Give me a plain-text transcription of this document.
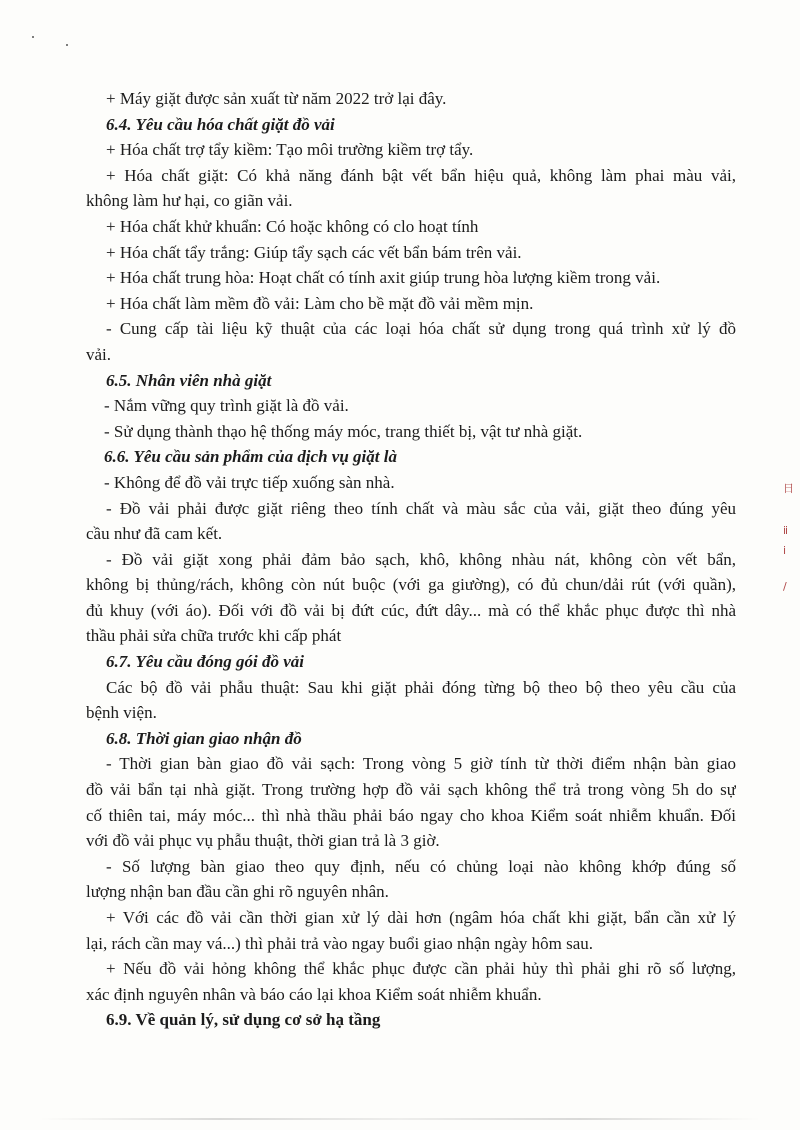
+ Máy giặt được sản xuất từ năm 2022 trở lại đây.
6.4. Yêu cầu hóa chất giặt đồ vải
+ Hóa chất trợ tẩy kiềm: Tạo môi trường kiềm trợ tẩy.
+ Hóa chất giặt: Có khả năng đánh bật vết bẩn hiệu quả, không làm phai màu vải,
không làm hư hại, co giãn vải.
+ Hóa chất khử khuẩn: Có hoặc không có clo hoạt tính
+ Hóa chất tẩy trắng: Giúp tẩy sạch các vết bẩn bám trên vải.
+ Hóa chất trung hòa: Hoạt chất có tính axit giúp trung hòa lượng kiềm trong vải.
+ Hóa chất làm mềm đồ vải: Làm cho bề mặt đồ vải mềm mịn.
- Cung cấp tài liệu kỹ thuật của các loại hóa chất sử dụng trong quá trình xử lý đồ
vải.
6.5. Nhân viên nhà giặt
- Nắm vững quy trình giặt là đồ vải.
- Sử dụng thành thạo hệ thống máy móc, trang thiết bị, vật tư nhà giặt.
6.6. Yêu cầu sản phẩm của dịch vụ giặt là
- Không để đồ vải trực tiếp xuống sàn nhà.
- Đồ vải phải được giặt riêng theo tính chất và màu sắc của vải, giặt theo đúng yêu
cầu như đã cam kết.
- Đồ vải giặt xong phải đảm bảo sạch, khô, không nhàu nát, không còn vết bẩn,
không bị thủng/rách, không còn nút buộc (với ga giường), có đủ chun/dải rút (với quần),
đủ khuy (với áo). Đối với đồ vải bị đứt cúc, đứt dây... mà có thể khắc phục được thì nhà
thầu phải sửa chữa trước khi cấp phát
6.7. Yêu cầu đóng gói đồ vải
Các bộ đồ vải phẫu thuật: Sau khi giặt phải đóng từng bộ theo bộ theo yêu cầu của
bệnh viện.
6.8. Thời gian giao nhận đồ
- Thời gian bàn giao đồ vải sạch: Trong vòng 5 giờ tính từ thời điểm nhận bàn giao
đồ vải bẩn tại nhà giặt. Trong trường hợp đồ vải sạch không thể trả trong vòng 5h do sự
cố thiên tai, máy móc... thì nhà thầu phải báo ngay cho khoa Kiểm soát nhiễm khuẩn. Đối
với đồ vải phục vụ phẫu thuật, thời gian trả là 3 giờ.
- Số lượng bàn giao theo quy định, nếu có chủng loại nào không khớp đúng số
lượng nhận ban đầu cần ghi rõ nguyên nhân.
+ Với các đồ vải cần thời gian xử lý dài hơn (ngâm hóa chất khi giặt, bẩn cần xử lý
lại, rách cần may vá...) thì phải trả vào ngay buổi giao nhận ngày hôm sau.
+ Nếu đồ vải hỏng không thể khắc phục được cần phải hủy thì phải ghi rõ số lượng,
xác định nguyên nhân và báo cáo lại khoa Kiểm soát nhiễm khuẩn.
6.9. Về quản lý, sử dụng cơ sở hạ tầng
日
ⅱ
i
/
